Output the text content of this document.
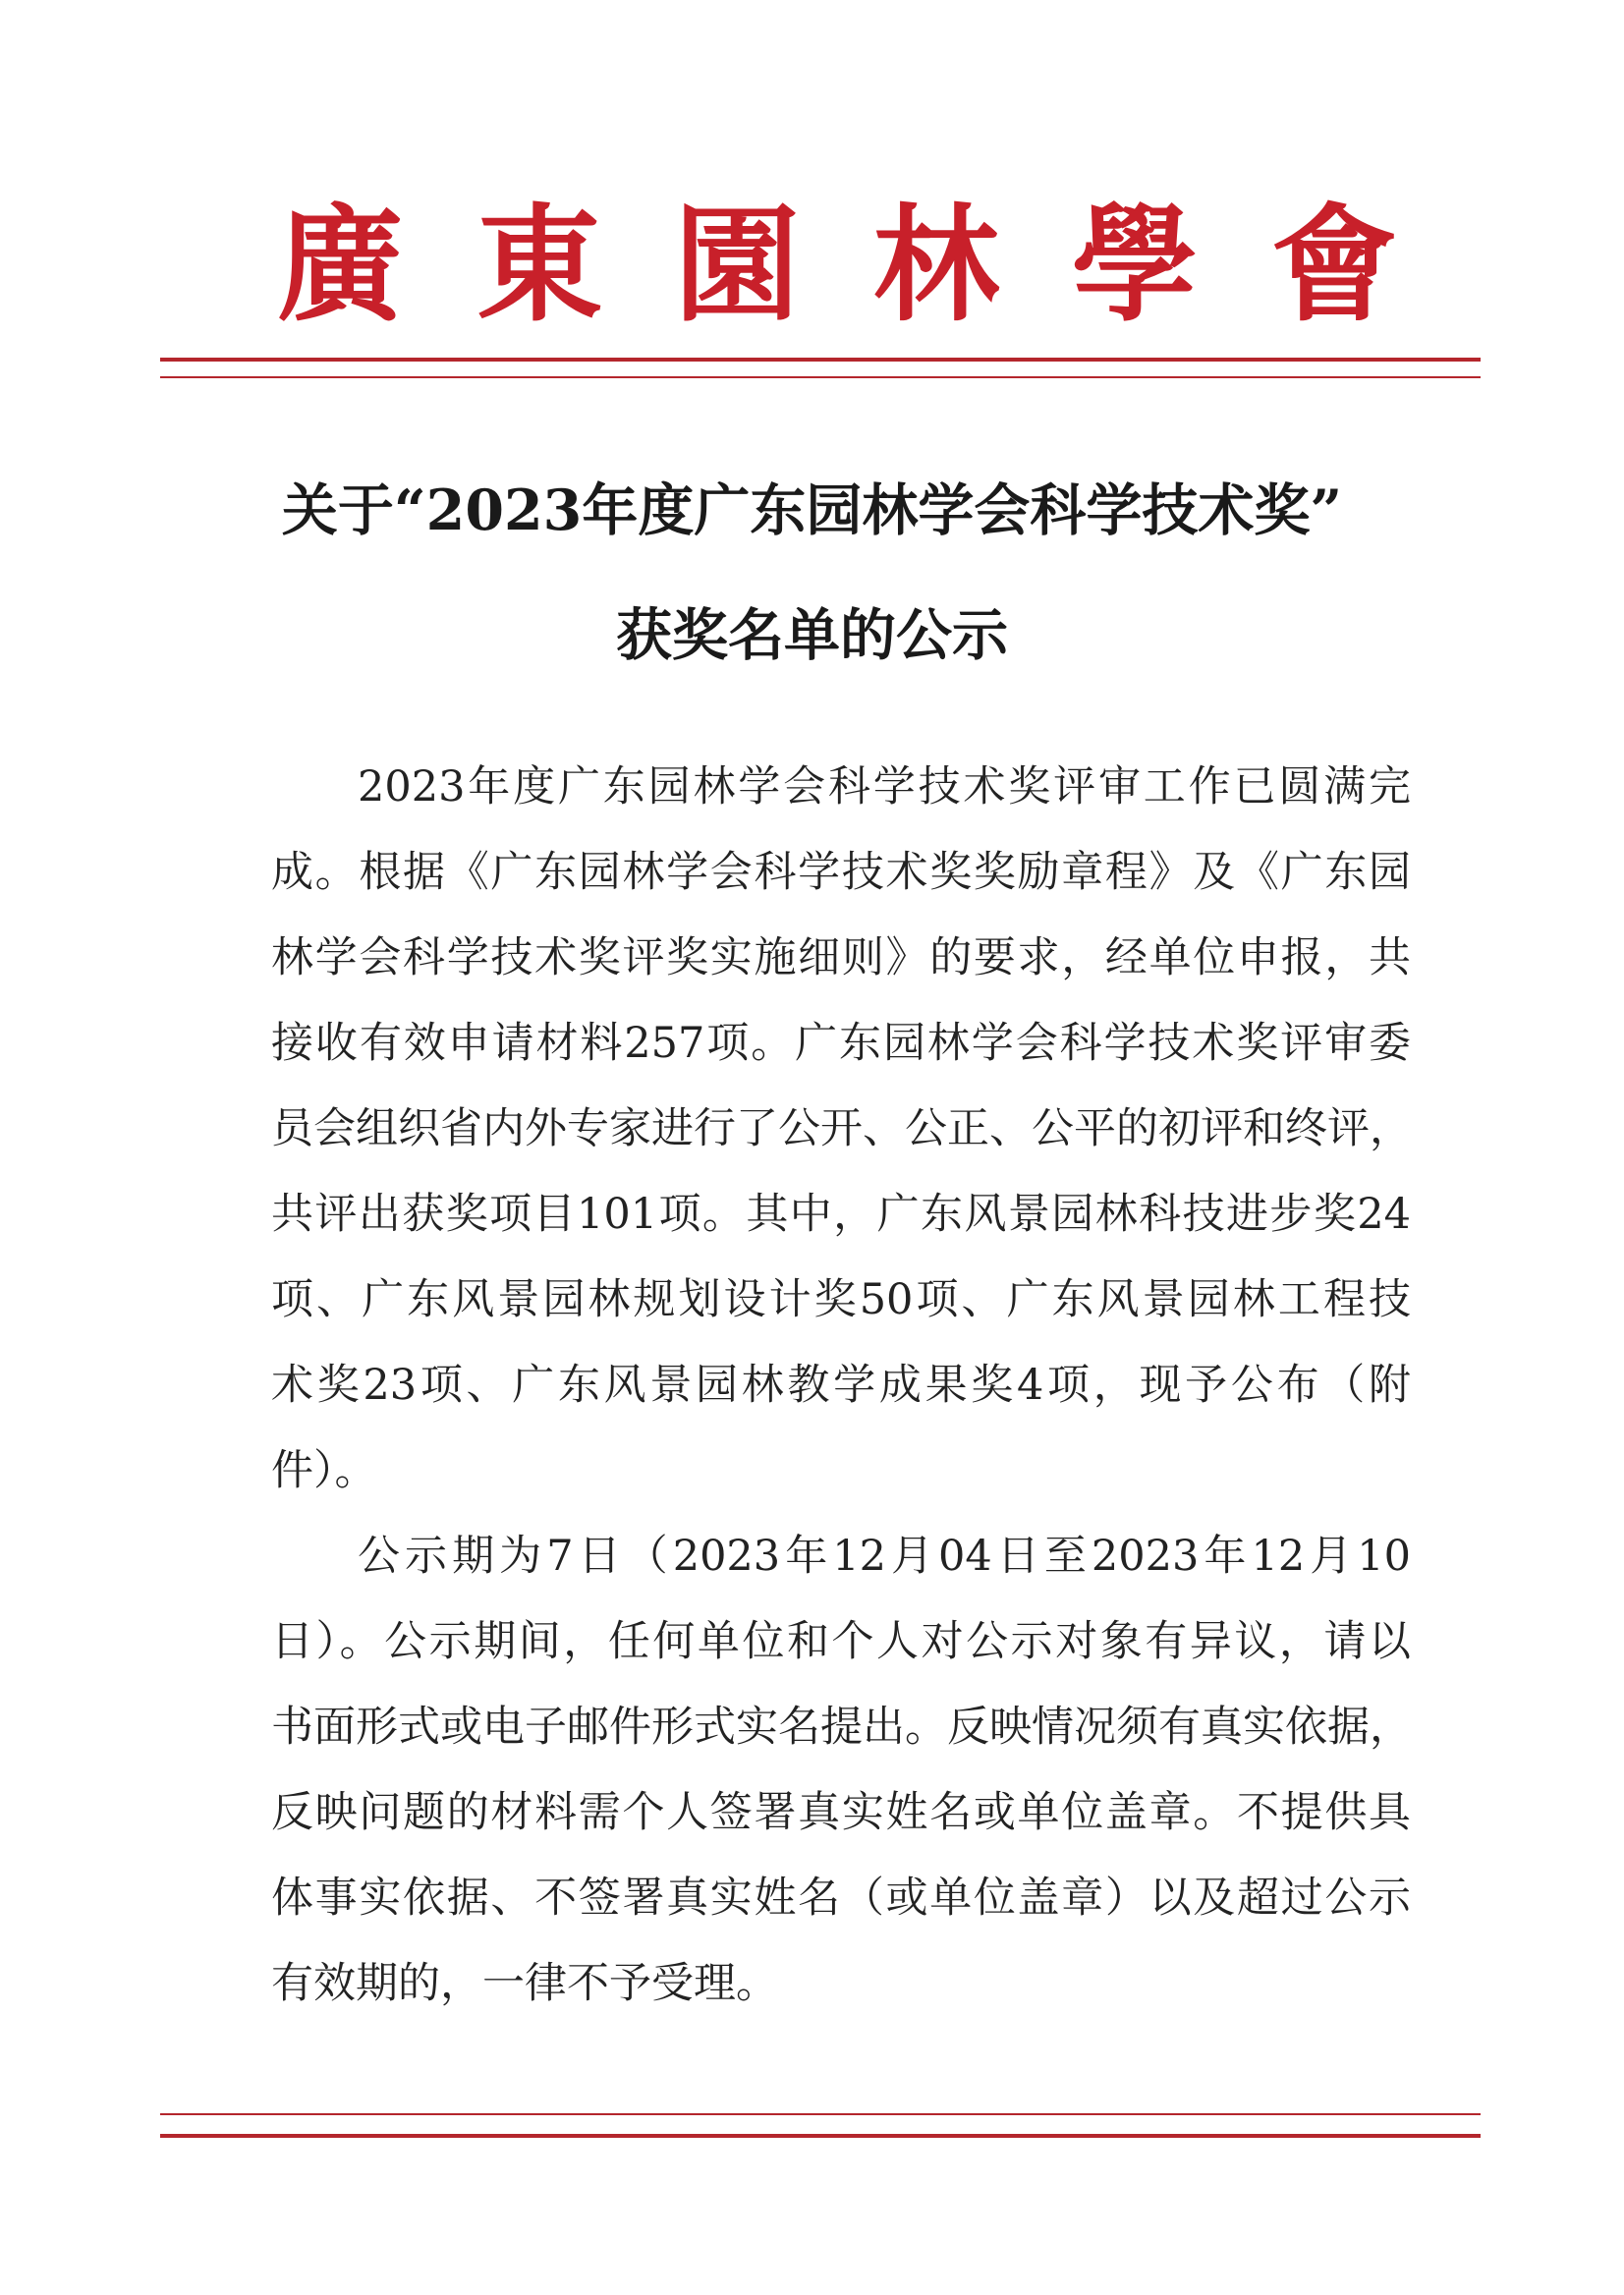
廣 東 園 林 學 會
关于“2023年度广东园林学会科学技术奖”
获奖名单的公示
2023年度广东园林学会科学技术奖评审工作已圆满完
成。根据《广东园林学会科学技术奖奖励章程》及《广东园
林学会科学技术奖评奖实施细则》的要求，经单位申报，共
接收有效申请材料257项。广东园林学会科学技术奖评审委
员会组织省内外专家进行了公开、公正、公平的初评和终评，
共评出获奖项目101项。其中，广东风景园林科技进步奖24
项、广东风景园林规划设计奖50项、广东风景园林工程技
术奖23项、广东风景园林教学成果奖4项，现予公布（附
件）。
公示期为7日（2023年12月04日至2023年12月10
日）。公示期间，任何单位和个人对公示对象有异议，请以
书面形式或电子邮件形式实名提出。反映情况须有真实依据，
反映问题的材料需个人签署真实姓名或单位盖章。不提供具
体事实依据、不签署真实姓名（或单位盖章）以及超过公示
有效期的，一律不予受理。
